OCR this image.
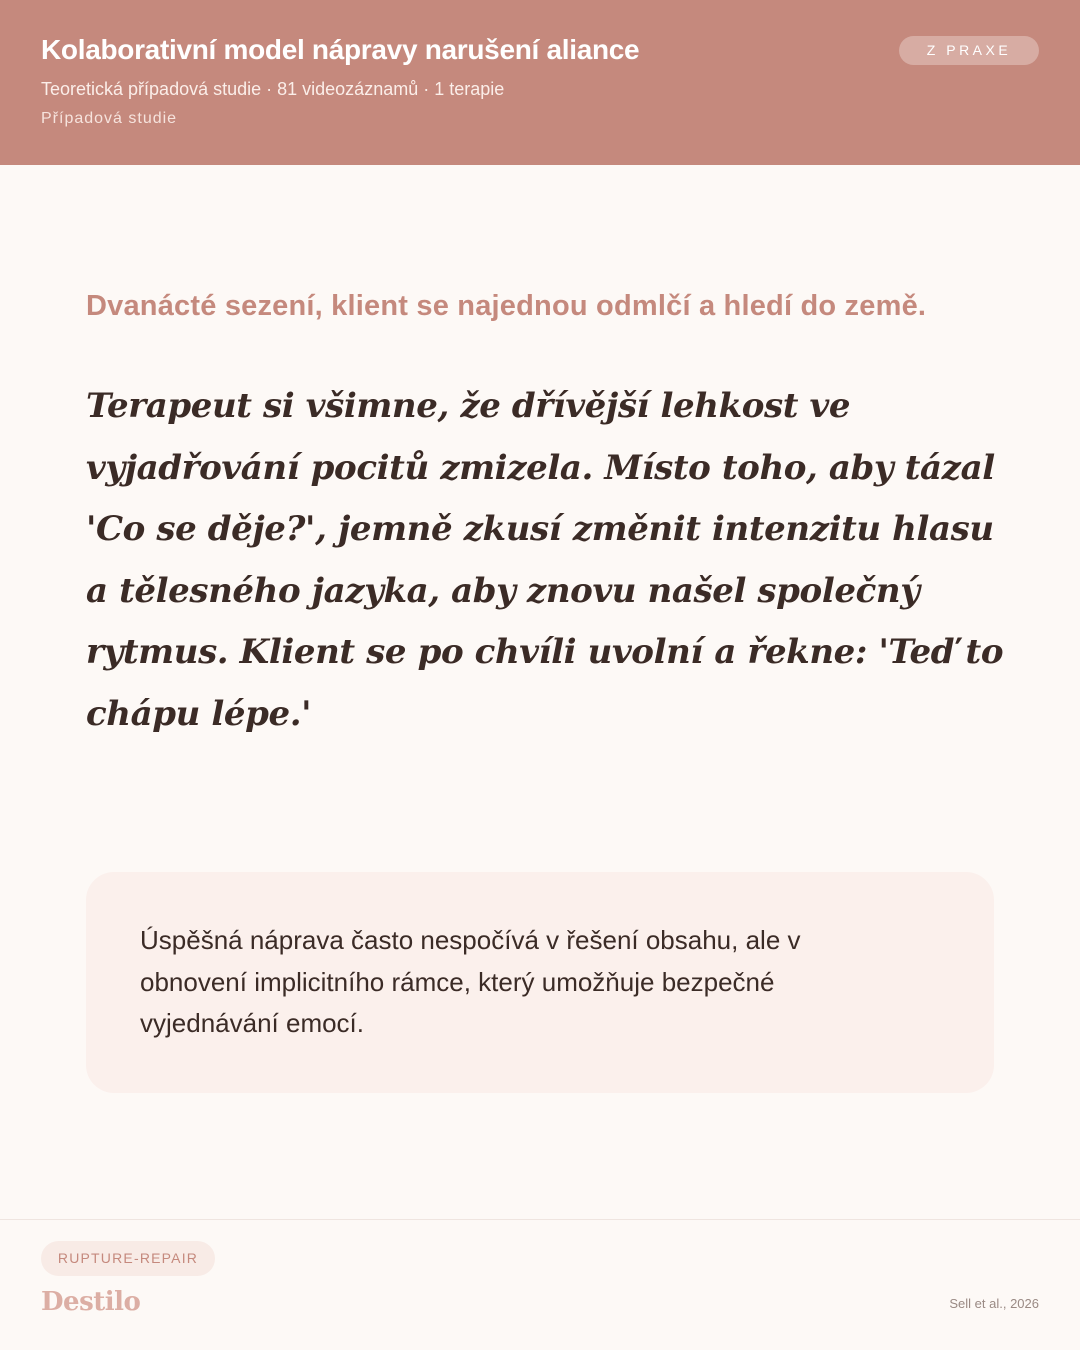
Kolaborativní model nápravy narušení aliance
Teoretická případová studie · 81 videozáznamů · 1 terapie
Případová studie
Z PRAXE
Dvanácté sezení, klient se najednou odmlčí a hledí do země.
Terapeut si všimne, že dřívější lehkost ve vyjadřování pocitů zmizela. Místo toho, aby tázal 'Co se děje?', jemně zkusí změnit intenzitu hlasu a tělesného jazyka, aby znovu našel společný rytmus. Klient se po chvíli uvolní a řekne: 'Teď to chápu lépe.'
Úspěšná náprava často nespočívá v řešení obsahu, ale v obnovení implicitního rámce, který umožňuje bezpečné vyjednávání emocí.
RUPTURE-REPAIR
Destilo	Sell et al., 2026
